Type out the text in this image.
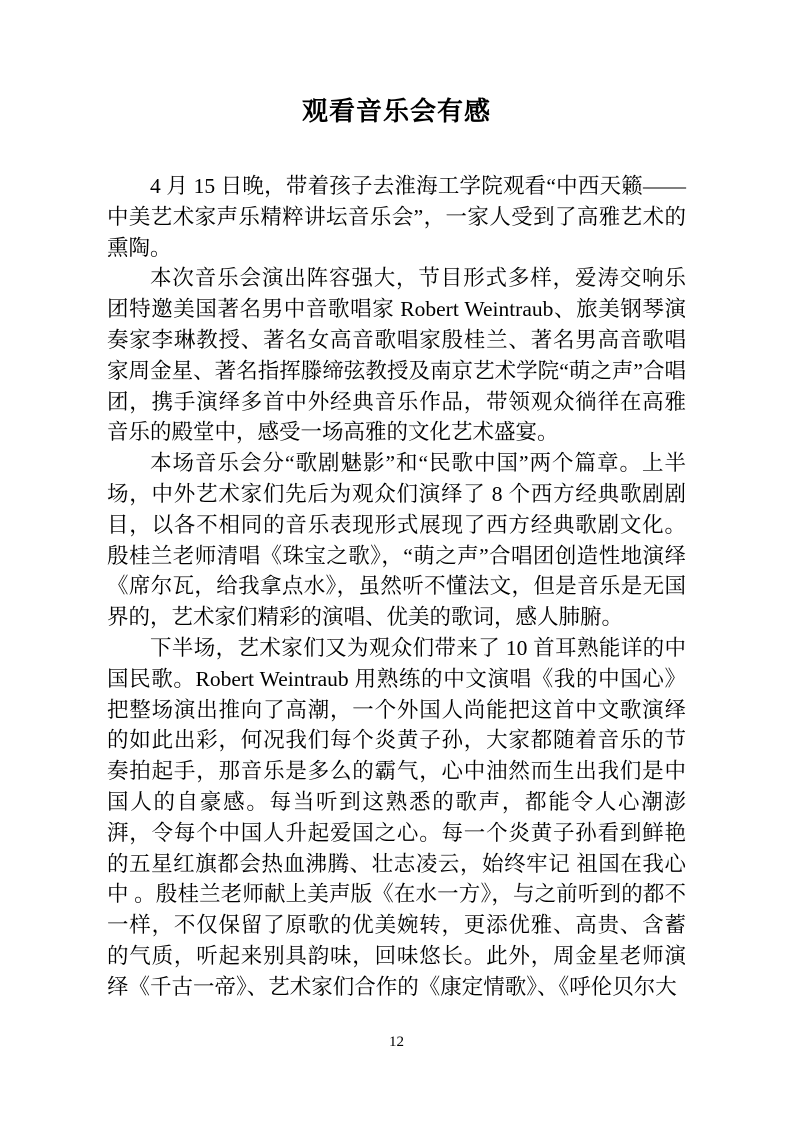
观看音乐会有感

4 月 15 日晚，带着孩子去淮海工学院观看“中西天籁——中美艺术家声乐精粹讲坛音乐会”，一家人受到了高雅艺术的熏陶。

本次音乐会演出阵容强大，节目形式多样，爱涛交响乐团特邀美国著名男中音歌唱家 Robert Weintraub、旅美钢琴演奏家李琳教授、著名女高音歌唱家殷桂兰、著名男高音歌唱家周金星、著名指挥滕缔弦教授及南京艺术学院“萌之声”合唱团，携手演绎多首中外经典音乐作品，带领观众徜徉在高雅音乐的殿堂中，感受一场高雅的文化艺术盛宴。

本场音乐会分“歌剧魅影”和“民歌中国”两个篇章。上半场，中外艺术家们先后为观众们演绎了 8 个西方经典歌剧剧目，以各不相同的音乐表现形式展现了西方经典歌剧文化。殷桂兰老师清唱《珠宝之歌》，“萌之声”合唱团创造性地演绎《席尔瓦，给我拿点水》，虽然听不懂法文，但是音乐是无国界的，艺术家们精彩的演唱、优美的歌词，感人肺腑。

下半场，艺术家们又为观众们带来了 10 首耳熟能详的中国民歌。Robert Weintraub 用熟练的中文演唱《我的中国心》把整场演出推向了高潮，一个外国人尚能把这首中文歌演绎的如此出彩，何况我们每个炎黄子孙，大家都随着音乐的节奏拍起手，那音乐是多么的霸气，心中油然而生出我们是中国人的自豪感。每当听到这熟悉的歌声，都能令人心潮澎湃，令每个中国人升起爱国之心。每一个炎黄子孙看到鲜艳的五星红旗都会热血沸腾、壮志凌云，始终牢记 祖国在我心中 。殷桂兰老师献上美声版《在水一方》，与之前听到的都不一样，不仅保留了原歌的优美婉转，更添优雅、高贵、含蓄的气质，听起来别具韵味，回味悠长。此外，周金星老师演绎《千古一帝》、艺术家们合作的《康定情歌》、《呼伦贝尔大

12
